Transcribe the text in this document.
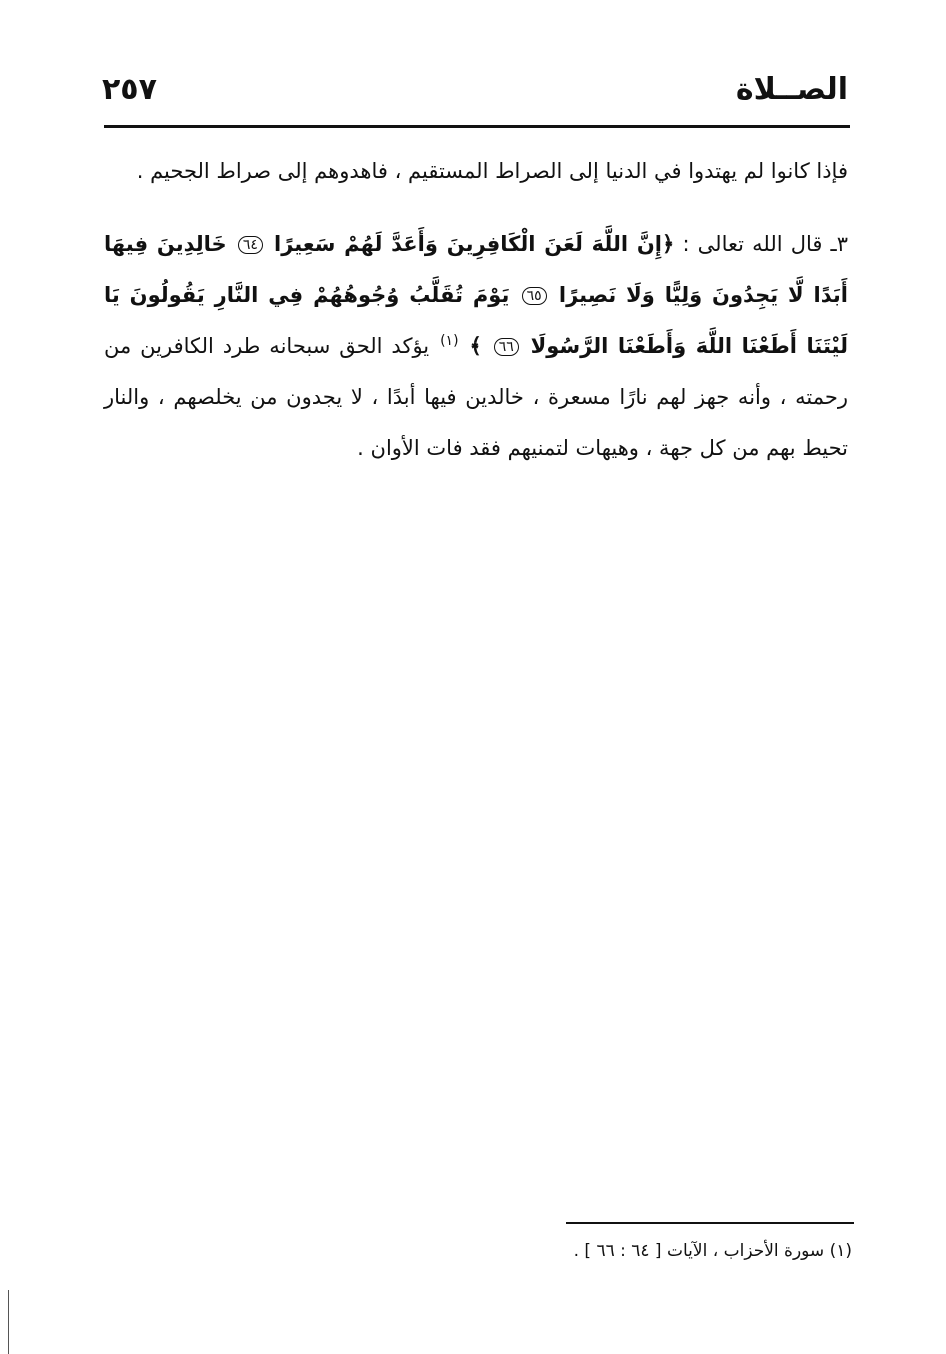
الصــلاة
٢٥٧

فإذا كانوا لم يهتدوا في الدنيا إلى الصراط المستقيم ، فاهدوهم إلى صراط الجحيم .

٣ـ قال الله تعالى : ﴿إِنَّ اللَّهَ لَعَنَ الْكَافِرِينَ وَأَعَدَّ لَهُمْ سَعِيرًا ٦٤ خَالِدِينَ فِيهَا أَبَدًا لَّا يَجِدُونَ وَلِيًّا وَلَا نَصِيرًا ٦٥ يَوْمَ تُقَلَّبُ وُجُوهُهُمْ فِي النَّارِ يَقُولُونَ يَا لَيْتَنَا أَطَعْنَا اللَّهَ وَأَطَعْنَا الرَّسُولَا ٦٦ ﴾ $^{(١)}$ يؤكد الحق سبحانه طرد الكافرين من رحمته ، وأنه جهز لهم نارًا مسعرة ، خالدين فيها أبدًا ، لا يجدون من يخلصهم ، والنار تحيط بهم من كل جهة ، وهيهات لتمنيهم فقد فات الأوان .

(١) سورة الأحزاب ، الآيات [ ٦٤ : ٦٦ ] .
